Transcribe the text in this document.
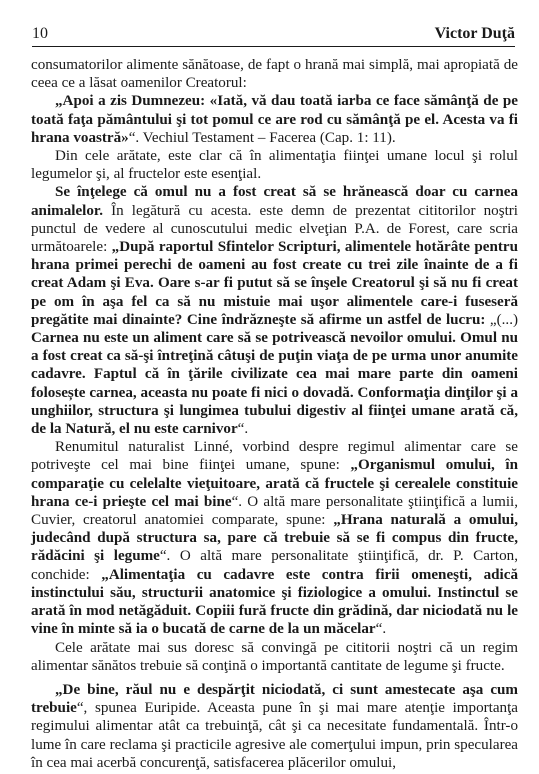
10	Victor Duţă

consumatorilor alimente sănătoase, de fapt o hrană mai simplă, mai apropiată de ceea ce a lăsat oamenilor Creatorul:

„Apoi a zis Dumnezeu: «Iată, vă dau toată iarba ce face sămânţă de pe toată faţa pământului şi tot pomul ce are rod cu sămânţă pe el. Acesta va fi hrana voastră»“. Vechiul Testament – Facerea (Cap. 1: 11).

Din cele arătate, este clar că în alimentaţia fiinţei umane locul şi rolul legumelor şi, al fructelor este esenţial.

Se înţelege că omul nu a fost creat să se hrănească doar cu carnea animalelor. În legătură cu acesta. este demn de prezentat cititorilor noştri punctul de vedere al cunoscutului medic elveţian P.A. de Forest, care scria următoarele: „După raportul Sfintelor Scripturi, alimentele hotărâte pentru hrana primei perechi de oameni au fost create cu trei zile înainte de a fi creat Adam şi Eva. Oare s-ar fi putut să se înşele Creatorul şi să nu fi creat pe om în aşa fel ca să nu mistuie mai uşor alimentele care-i fuseseră pregătite mai dinainte? Cine îndrăzneşte să afirme un astfel de lucru: „(...) Carnea nu este un aliment care să se potrivească nevoilor omului. Omul nu a fost creat ca să-şi întreţină câtuşi de puţin viaţa de pe urma unor anumite cadavre. Faptul că în ţările civilizate cea mai mare parte din oameni folosește carnea, aceasta nu poate fi nici o dovadă. Conformaţia dinţilor şi a unghiilor, structura şi lungimea tubului digestiv al fiinţei umane arată că, de la Natură, el nu este carnivor“.

Renumitul naturalist Linné, vorbind despre regimul alimentar care se potriveşte cel mai bine fiinţei umane, spune: „Organismul omului, în comparaţie cu celelalte vieţuitoare, arată că fructele şi cerealele constituie hrana ce-i prieşte cel mai bine“. O altă mare personalitate ştiinţifică a lumii, Cuvier, creatorul anatomiei comparate, spune: „Hrana naturală a omului, judecând după structura sa, pare că trebuie să se fi compus din fructe, rădăcini şi legume“. O altă mare personalitate ştiinţifică, dr. P. Carton, conchide: „Alimentaţia cu cadavre este contra firii omeneşti, adică instinctului său, structurii anatomice şi fiziologice a omului. Instinctul se arată în mod netăgăduit. Copiii fură fructe din grădină, dar niciodată nu le vine în minte să ia o bucată de carne de la un măcelar“.

Cele arătate mai sus doresc să convingă pe cititorii noştri că un regim alimentar sănătos trebuie să conţină o importantă cantitate de legume şi fructe.

„De bine, răul nu e despărţit niciodată, ci sunt amestecate aşa cum trebuie“, spunea Euripide. Aceasta pune în şi mai mare atenţie importanţa regimului alimentar atât ca trebuinţă, cât şi ca necesitate fundamentală. Într-o lume în care reclama şi practicile agresive ale comerţului impun, prin specularea în cea mai acerbă concurenţă, satisfacerea plăcerilor omului,
